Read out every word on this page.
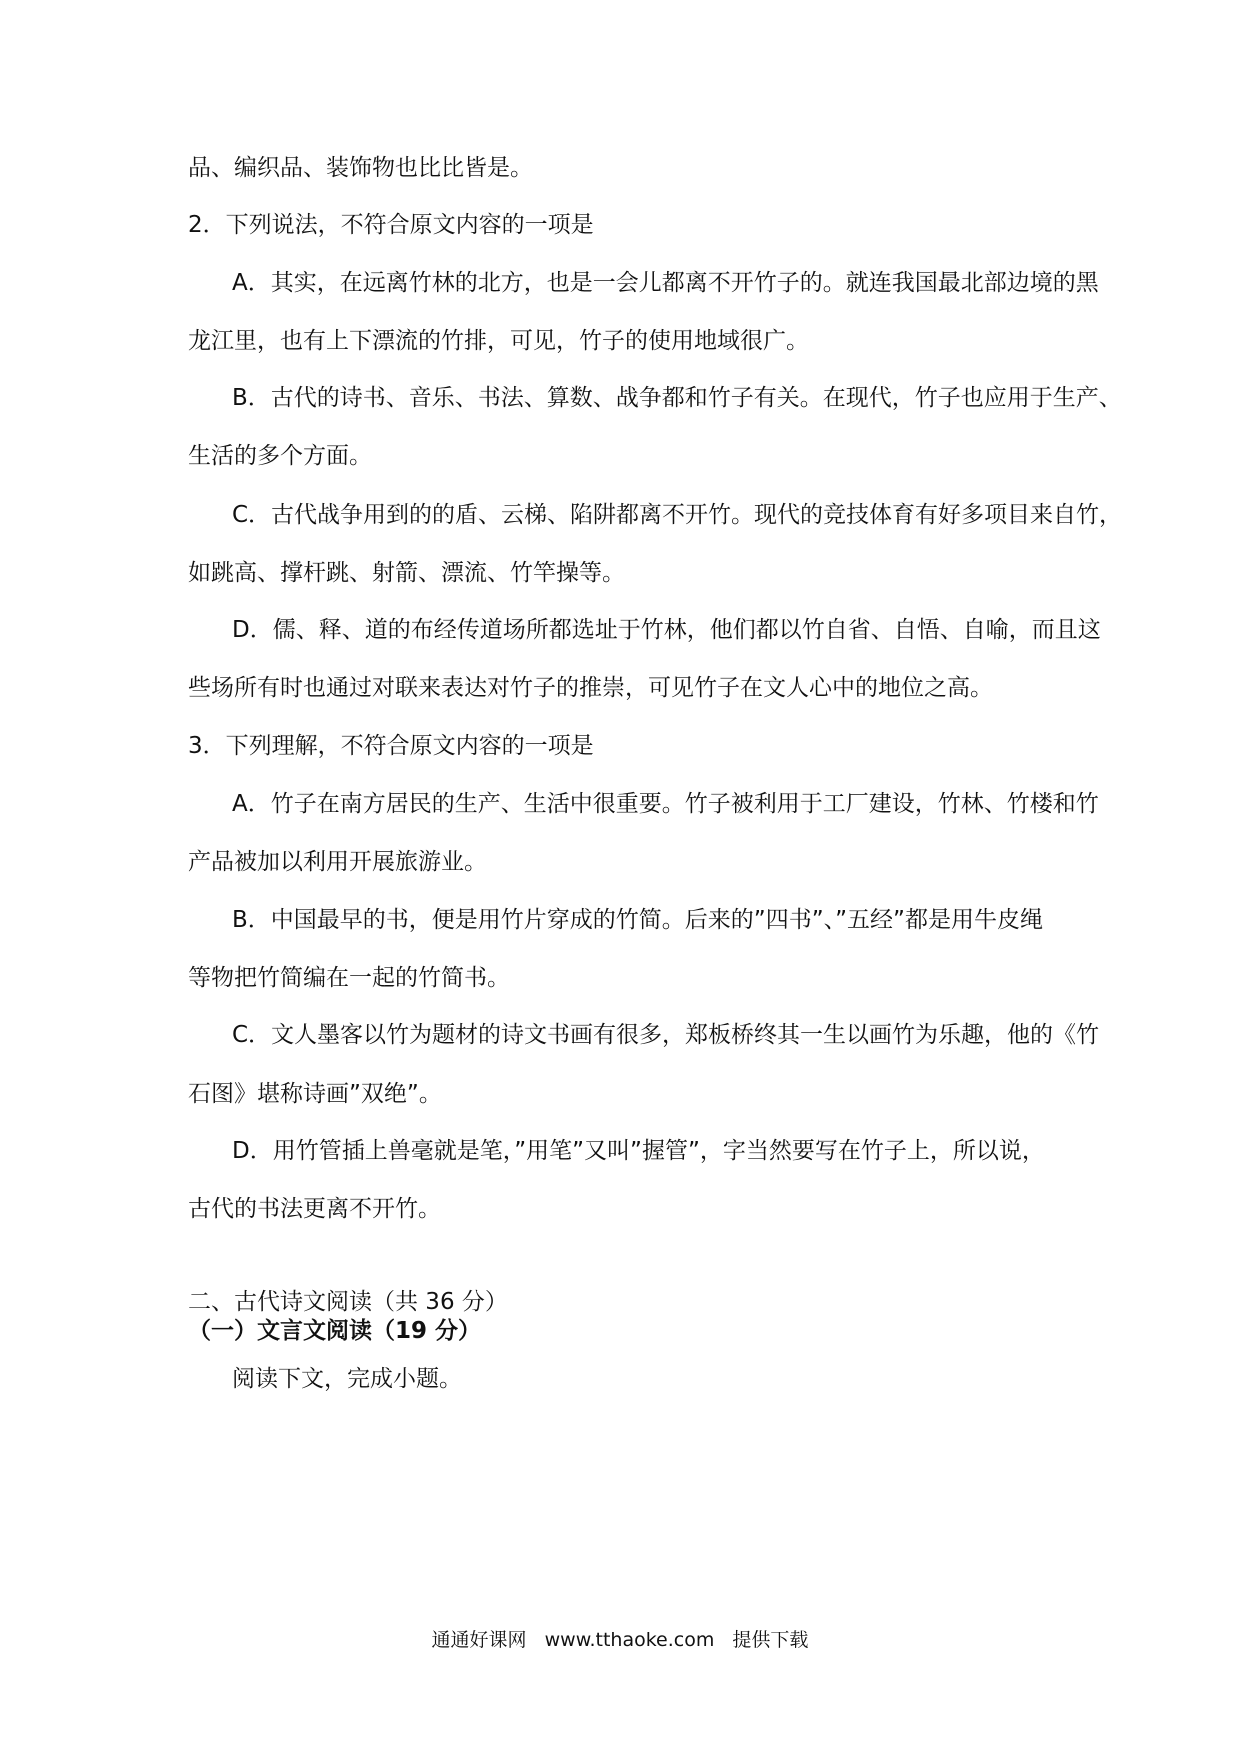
品、编织品、装饰物也比比皆是。
2．下列说法，不符合原文内容的一项是
A．其实，在远离竹林的北方，也是一会儿都离不开竹子的。就连我国最北部边境的黑
龙江里，也有上下漂流的竹排，可见，竹子的使用地域很广。
B．古代的诗书、音乐、书法、算数、战争都和竹子有关。在现代，竹子也应用于生产、
生活的多个方面。
C．古代战争用到的的盾、云梯、陷阱都离不开竹。现代的竞技体育有好多项目来自竹，
如跳高、撑杆跳、射箭、漂流、竹竿操等。
D．儒、释、道的布经传道场所都选址于竹林，他们都以竹自省、自悟、自喻，而且这
些场所有时也通过对联来表达对竹子的推崇，可见竹子在文人心中的地位之高。
3．下列理解，不符合原文内容的一项是
A．竹子在南方居民的生产、生活中很重要。竹子被利用于工厂建设，竹林、竹楼和竹
产品被加以利用开展旅游业。
B．中国最早的书，便是用竹片穿成的竹简。后来的”四书”、”五经”都是用牛皮绳
等物把竹简编在一起的竹简书。
C．文人墨客以竹为题材的诗文书画有很多，郑板桥终其一生以画竹为乐趣，他的《竹
石图》堪称诗画”双绝”。
D．用竹管插上兽毫就是笔，”用笔”又叫”握管”，字当然要写在竹子上，所以说，
古代的书法更离不开竹。
二、古代诗文阅读（共 36 分）
（一）文言文阅读（19 分）
阅读下文，完成小题。
通通好课网 www.tthaoke.com 提供下载
